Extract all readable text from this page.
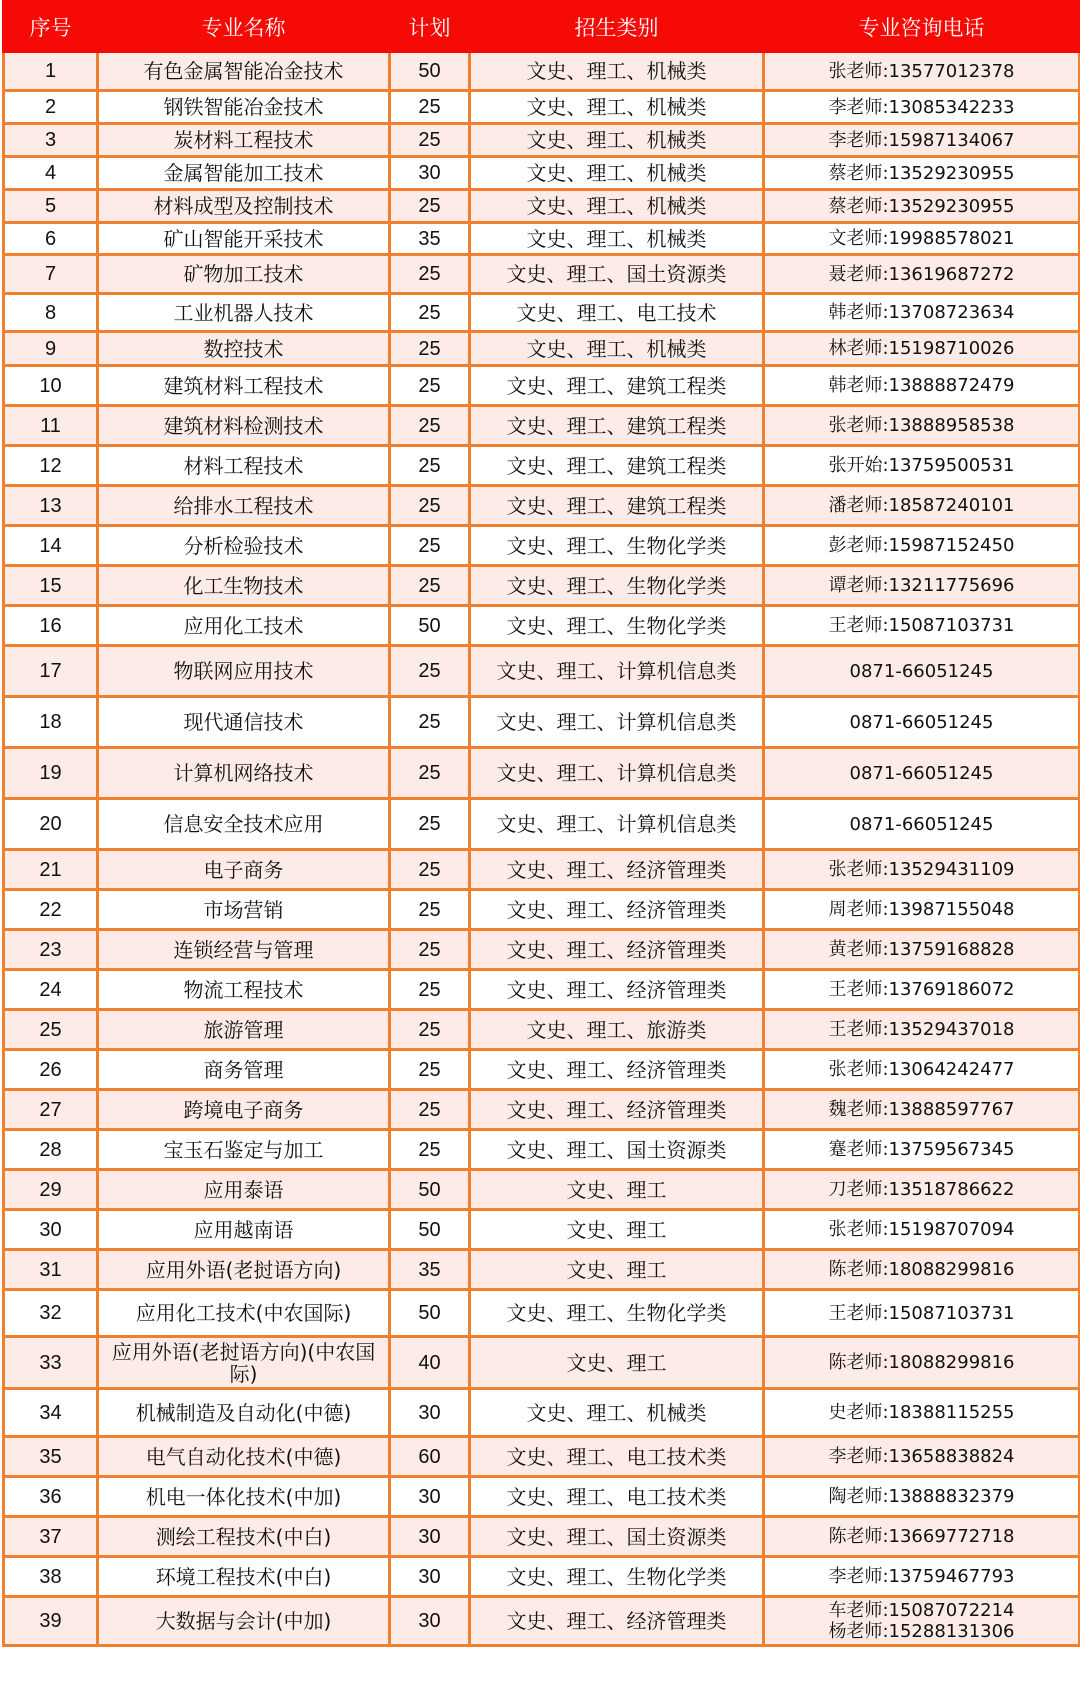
序号	专业名称	计划	招生类别	专业咨询电话
1	有色金属智能冶金技术	50	文史、理工、机械类	张老师:13577012378
2	钢铁智能冶金技术	25	文史、理工、机械类	李老师:13085342233
3	炭材料工程技术	25	文史、理工、机械类	李老师:15987134067
4	金属智能加工技术	30	文史、理工、机械类	蔡老师:13529230955
5	材料成型及控制技术	25	文史、理工、机械类	蔡老师:13529230955
6	矿山智能开采技术	35	文史、理工、机械类	文老师:19988578021
7	矿物加工技术	25	文史、理工、国土资源类	聂老师:13619687272
8	工业机器人技术	25	文史、理工、电工技术	韩老师:13708723634
9	数控技术	25	文史、理工、机械类	林老师:15198710026
10	建筑材料工程技术	25	文史、理工、建筑工程类	韩老师:13888872479
11	建筑材料检测技术	25	文史、理工、建筑工程类	张老师:13888958538
12	材料工程技术	25	文史、理工、建筑工程类	张开始:13759500531
13	给排水工程技术	25	文史、理工、建筑工程类	潘老师:18587240101
14	分析检验技术	25	文史、理工、生物化学类	彭老师:15987152450
15	化工生物技术	25	文史、理工、生物化学类	谭老师:13211775696
16	应用化工技术	50	文史、理工、生物化学类	王老师:15087103731
17	物联网应用技术	25	文史、理工、计算机信息类	0871-66051245
18	现代通信技术	25	文史、理工、计算机信息类	0871-66051245
19	计算机网络技术	25	文史、理工、计算机信息类	0871-66051245
20	信息安全技术应用	25	文史、理工、计算机信息类	0871-66051245
21	电子商务	25	文史、理工、经济管理类	张老师:13529431109
22	市场营销	25	文史、理工、经济管理类	周老师:13987155048
23	连锁经营与管理	25	文史、理工、经济管理类	黄老师:13759168828
24	物流工程技术	25	文史、理工、经济管理类	王老师:13769186072
25	旅游管理	25	文史、理工、旅游类	王老师:13529437018
26	商务管理	25	文史、理工、经济管理类	张老师:13064242477
27	跨境电子商务	25	文史、理工、经济管理类	魏老师:13888597767
28	宝玉石鉴定与加工	25	文史、理工、国土资源类	蹇老师:13759567345
29	应用泰语	50	文史、理工	刀老师:13518786622
30	应用越南语	50	文史、理工	张老师:15198707094
31	应用外语(老挝语方向)	35	文史、理工	陈老师:18088299816
32	应用化工技术(中农国际)	50	文史、理工、生物化学类	王老师:15087103731
33	应用外语(老挝语方向)(中农国际)	40	文史、理工	陈老师:18088299816
34	机械制造及自动化(中德)	30	文史、理工、机械类	史老师:18388115255
35	电气自动化技术(中德)	60	文史、理工、电工技术类	李老师:13658838824
36	机电一体化技术(中加)	30	文史、理工、电工技术类	陶老师:13888832379
37	测绘工程技术(中白)	30	文史、理工、国土资源类	陈老师:13669772718
38	环境工程技术(中白)	30	文史、理工、生物化学类	李老师:13759467793
39	大数据与会计(中加)	30	文史、理工、经济管理类	车老师:15087072214
杨老师:15288131306
